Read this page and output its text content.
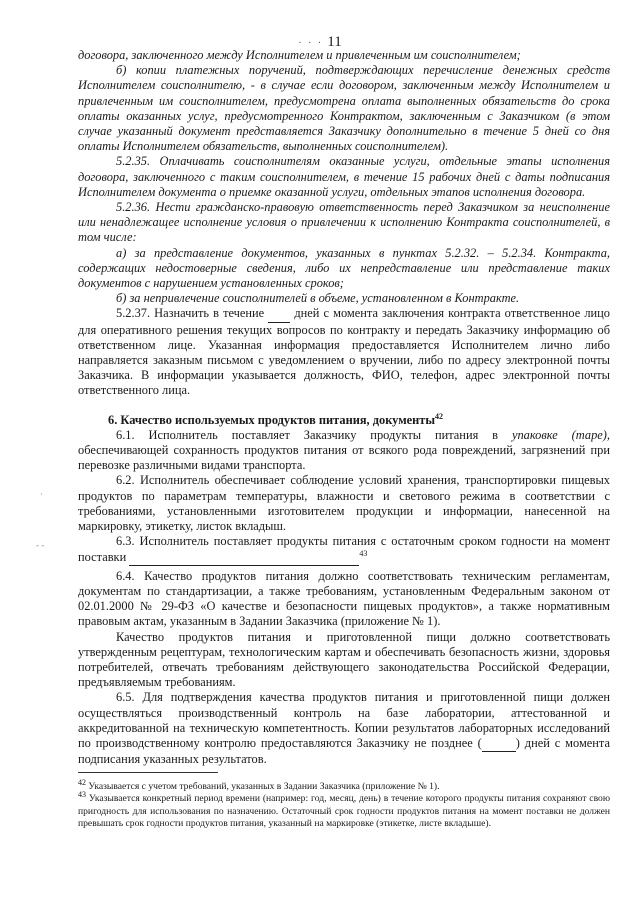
· · · 11
·
- -

договора, заключенного между Исполнителем и привлеченным им соисполнителем;

б) копии платежных поручений, подтверждающих перечисление денежных средств Исполнителем соисполнителю, - в случае если договором, заключенным между Исполнителем и привлеченным им соисполнителем, предусмотрена оплата выполненных обязательств до срока оплаты оказанных услуг, предусмотренного Контрактом, заключенным с Заказчиком (в этом случае указанный документ представляется Заказчику дополнительно в течение 5 дней со дня оплаты Исполнителем обязательств, выполненных соисполнителем).

5.2.35. Оплачивать соисполнителям оказанные услуги, отдельные этапы исполнения договора, заключенного с таким соисполнителем, в течение 15 рабочих дней с даты подписания Исполнителем документа о приемке оказанной услуги, отдельных этапов исполнения договора.

5.2.36. Нести гражданско-правовую ответственность перед Заказчиком за неисполнение или ненадлежащее исполнение условия о привлечении к исполнению Контракта соисполнителей, в том числе:

а) за представление документов, указанных в пунктах 5.2.32. – 5.2.34. Контракта, содержащих недостоверные сведения, либо их непредставление или представление таких документов с нарушением установленных сроков;

б) за непривлечение соисполнителей в объеме, установленном в Контракте.

5.2.37. Назначить в течение дней с момента заключения контракта ответственное лицо для оперативного решения текущих вопросов по контракту и передать Заказчику информацию об ответственном лице. Указанная информация предоставляется Исполнителем лично либо направляется заказным письмом с уведомлением о вручении, либо по адресу электронной почты Заказчика. В информации указывается должность, ФИО, телефон, адрес электронной почты ответственного лица.

6. Качество используемых продуктов питания, документы$^{42}$

6.1. Исполнитель поставляет Заказчику продукты питания в упаковке (таре), обеспечивающей сохранность продуктов питания от всякого рода повреждений, загрязнений при перевозке различными видами транспорта.

6.2. Исполнитель обеспечивает соблюдение условий хранения, транспортировки пищевых продуктов по параметрам температуры, влажности и светового режима в соответствии с требованиями, установленными изготовителем продукции и информации, нанесенной на маркировку, этикетку, листок вкладыш.

6.3. Исполнитель поставляет продукты питания с остаточным сроком годности на момент поставки	$^{43}$

6.4. Качество продуктов питания должно соответствовать техническим регламентам, документам по стандартизации, а также требованиям, установленным Федеральным законом от 02.01.2000 № 29-ФЗ «О качестве и безопасности пищевых продуктов», а также нормативным правовым актам, указанным в Задании Заказчика (приложение № 1).

Качество продуктов питания и приготовленной пищи должно соответствовать утвержденным рецептурам, технологическим картам и обеспечивать безопасность жизни, здоровья потребителей, отвечать требованиям действующего законодательства Российской Федерации, предъявляемым требованиям.

6.5. Для подтверждения качества продуктов питания и приготовленной пищи должен осуществляться производственный контроль на базе лаборатории, аттестованной и аккредитованной на техническую компетентность. Копии результатов лабораторных исследований по производственному контролю предоставляются Заказчику не позднее (	) дней с момента подписания указанных результатов.

$^{42}$ Указывается с учетом требований, указанных в Задании Заказчика (приложение № 1).

$^{43}$ Указывается конкретный период времени (например: год, месяц, день) в течение которого продукты питания сохраняют свою пригодность для использования по назначению. Остаточный срок годности продуктов питания на момент поставки не должен превышать срок годности продуктов питания, указанный на маркировке (этикетке, листе вкладыше).
